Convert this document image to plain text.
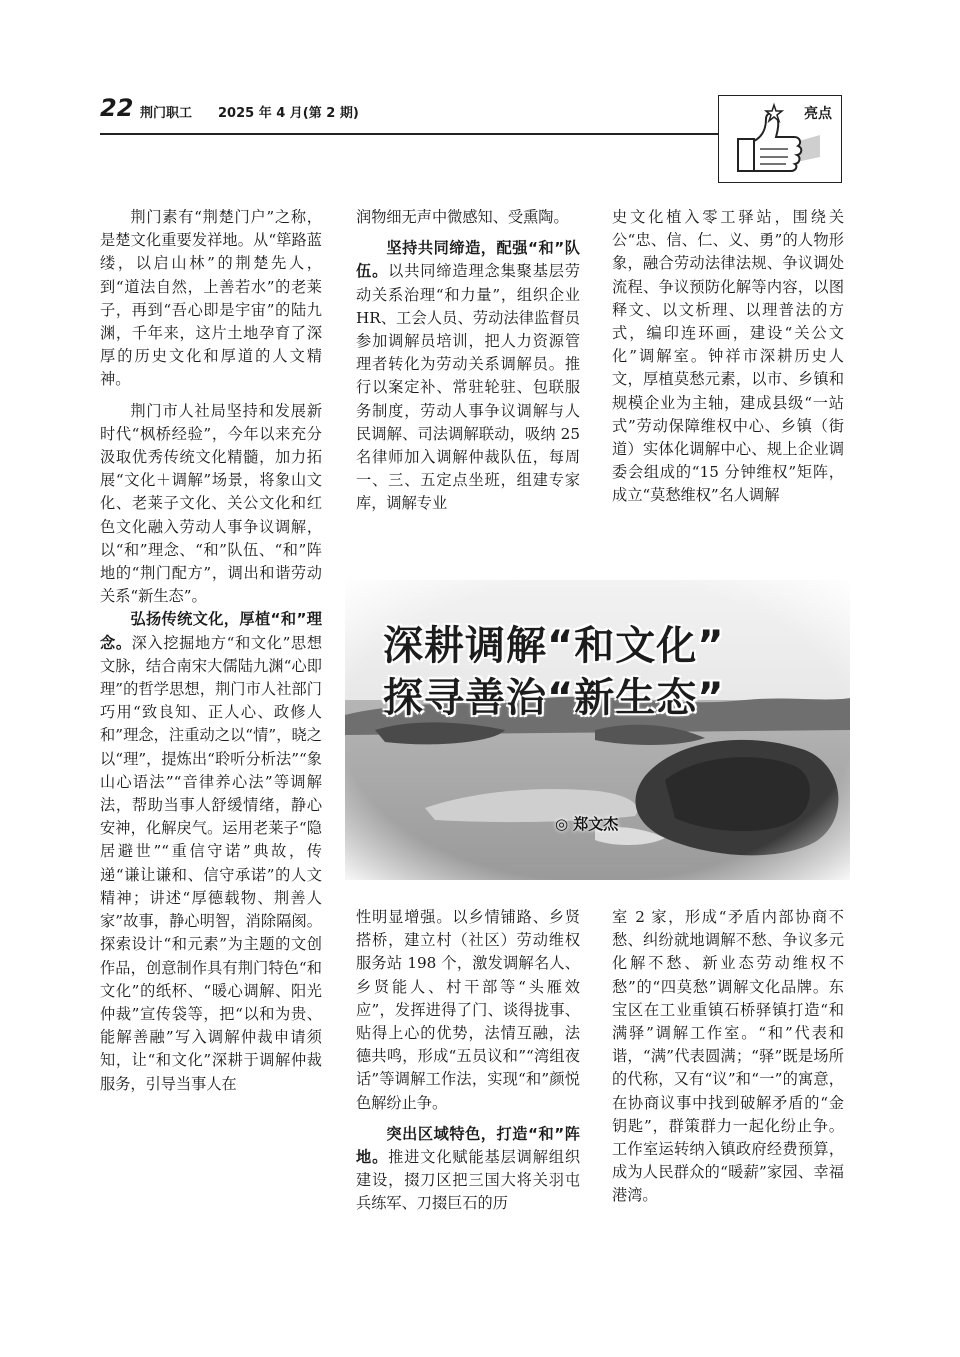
22 荆门职工 2025 年 4 月(第 2 期)	亮点

荆门素有“荆楚门户”之称，是楚文化重要发祥地。从“筚路蓝缕，以启山林”的荆楚先人，到“道法自然，上善若水”的老莱子，再到“吾心即是宇宙”的陆九渊，千年来，这片土地孕育了深厚的历史文化和厚道的人文精神。

荆门市人社局坚持和发展新时代“枫桥经验”，今年以来充分汲取优秀传统文化精髓，加力拓展“文化＋调解”场景，将象山文化、老莱子文化、关公文化和红色文化融入劳动人事争议调解，以“和”理念、“和”队伍、“和”阵地的“荆门配方”，调出和谐劳动关系“新生态”。

弘扬传统文化，厚植“和”理念。深入挖掘地方“和文化”思想文脉，结合南宋大儒陆九渊“心即理”的哲学思想，荆门市人社部门巧用“致良知、正人心、政修人和”理念，注重动之以“情”，晓之以“理”，提炼出“聆听分析法”“象山心语法”“音律养心法”等调解法，帮助当事人舒缓情绪，静心安神，化解戾气。运用老莱子“隐居避世”“重信守诺”典故，传递“谦让谦和、信守承诺”的人文精神；讲述“厚德载物、荆善人家”故事，静心明智，消除隔阂。探索设计“和元素”为主题的文创作品，创意制作具有荆门特色“和文化”的纸杯、“暖心调解、阳光仲裁”宣传袋等，把“以和为贵、能解善融”写入调解仲裁申请须知，让“和文化”深耕于调解仲裁服务，引导当事人在

润物细无声中微感知、受熏陶。

坚持共同缔造，配强“和”队伍。以共同缔造理念集聚基层劳动关系治理“和力量”，组织企业 HR、工会人员、劳动法律监督员参加调解员培训，把人力资源管理者转化为劳动关系调解员。推行以案定补、常驻轮驻、包联服务制度，劳动人事争议调解与人民调解、司法调解联动，吸纳 25 名律师加入调解仲裁队伍，每周一、三、五定点坐班，组建专家库，调解专业

史文化植入零工驿站，围绕关公“忠、信、仁、义、勇”的人物形象，融合劳动法律法规、争议调处流程、争议预防化解等内容，以图释文、以文析理、以理普法的方式，编印连环画，建设“关公文化”调解室。钟祥市深耕历史人文，厚植莫愁元素，以市、乡镇和规模企业为主轴，建成县级“一站式”劳动保障维权中心、乡镇（街道）实体化调解中心、规上企业调委会组成的“15 分钟维权”矩阵，成立“莫愁维权”名人调解

深耕调解“和文化”
探寻善治“新生态”
◎ 郑文杰

性明显增强。以乡情铺路、乡贤搭桥，建立村（社区）劳动维权服务站 198 个，激发调解名人、乡贤能人、村干部等“头雁效应”，发挥进得了门、谈得拢事、贴得上心的优势，法情互融，法德共鸣，形成“五员议和”“湾组夜话”等调解工作法，实现“和”颜悦色解纷止争。

突出区域特色，打造“和”阵地。推进文化赋能基层调解组织建设，掇刀区把三国大将关羽屯兵练军、刀掇巨石的历

室 2 家，形成“矛盾内部协商不愁、纠纷就地调解不愁、争议多元化解不愁、新业态劳动维权不愁”的“四莫愁”调解文化品牌。东宝区在工业重镇石桥驿镇打造“和满驿”调解工作室。“和”代表和谐，“满”代表圆满；“驿”既是场所的代称，又有“议”和“一”的寓意，在协商议事中找到破解矛盾的“金钥匙”，群策群力一起化纷止争。工作室运转纳入镇政府经费预算，成为人民群众的“暖薪”家园、幸福港湾。
